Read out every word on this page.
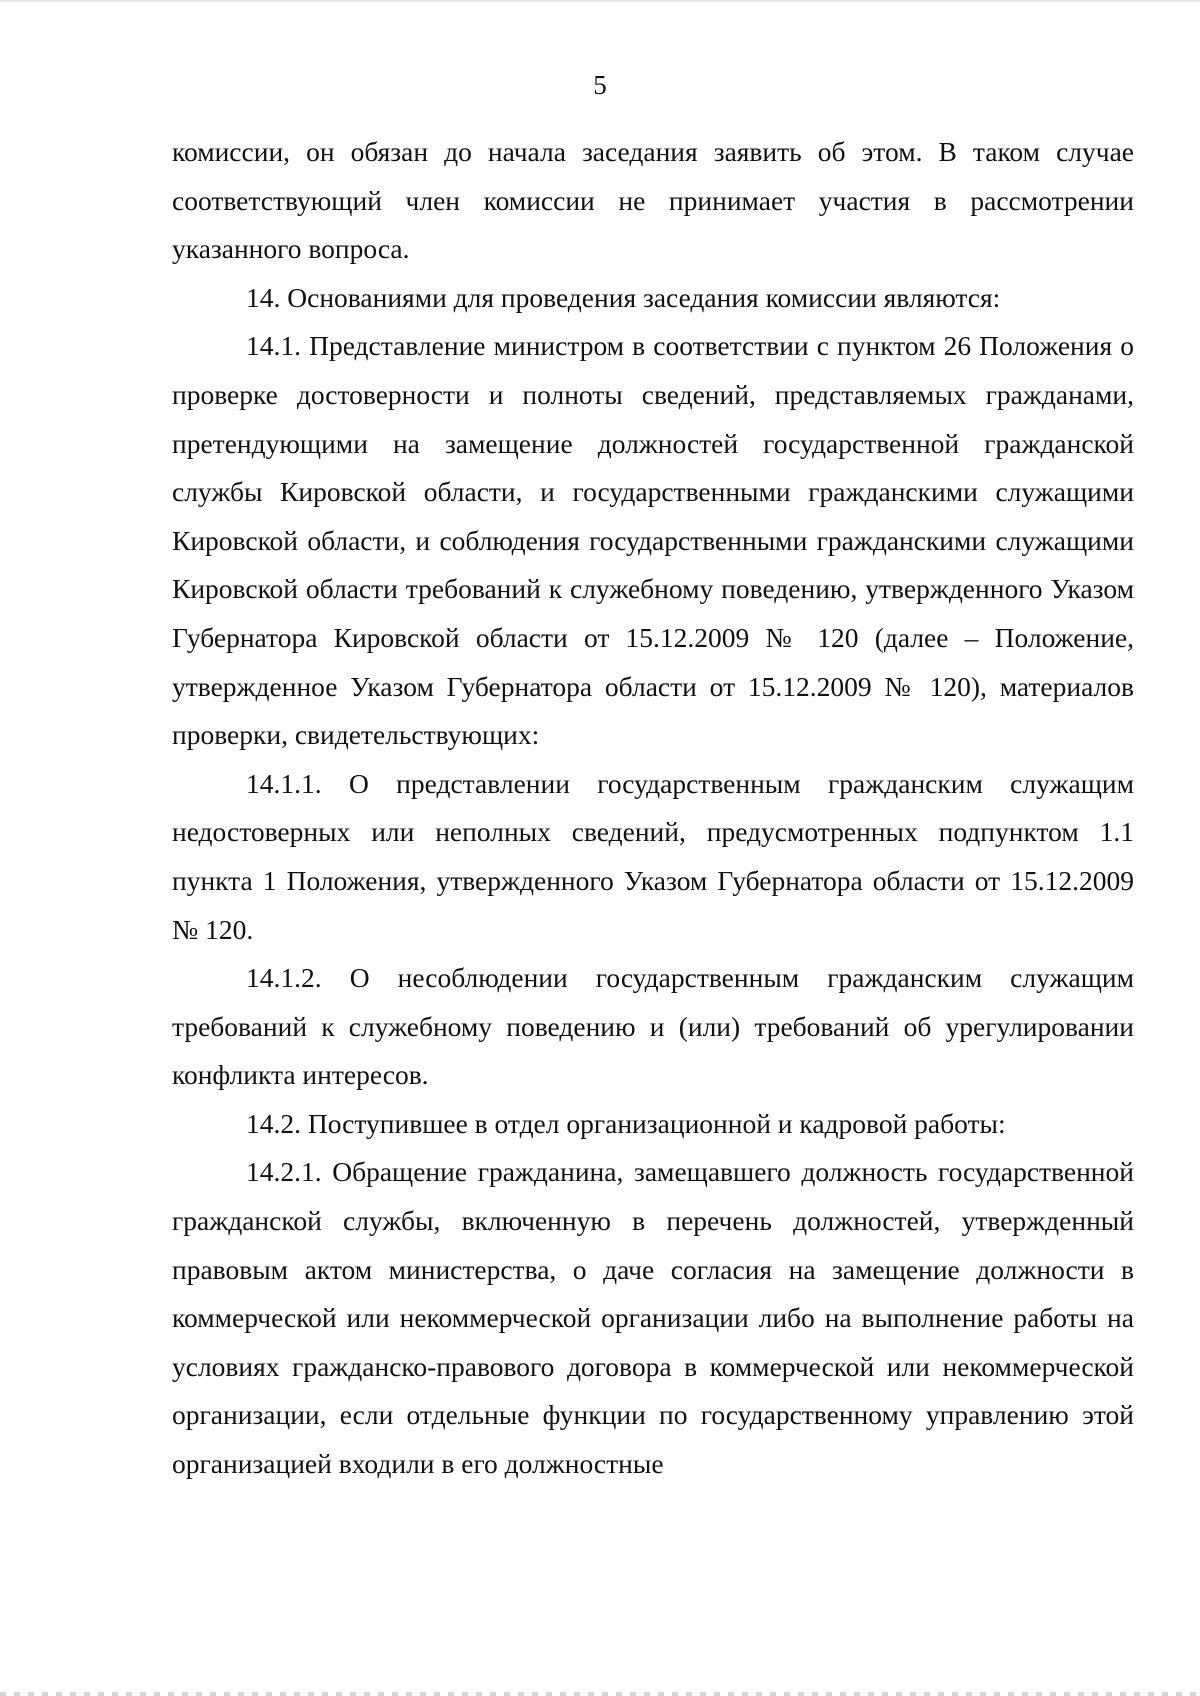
5

комиссии, он обязан до начала заседания заявить об этом. В таком случае соответствующий член комиссии не принимает участия в рассмотрении указанного вопроса.

14. Основаниями для проведения заседания комиссии являются:

14.1. Представление министром в соответствии с пунктом 26 Положения о проверке достоверности и полноты сведений, представляемых гражданами, претендующими на замещение должностей государственной гражданской службы Кировской области, и государственными гражданскими служащими Кировской области, и соблюдения государственными гражданскими служащими Кировской области требований к служебному поведению, утвержденного Указом Губернатора Кировской области от 15.12.2009 № 120 (далее – Положение, утвержденное Указом Губернатора области от 15.12.2009 № 120), материалов проверки, свидетельствующих:

14.1.1. О представлении государственным гражданским служащим недостоверных или неполных сведений, предусмотренных подпунктом 1.1 пункта 1 Положения, утвержденного Указом Губернатора области от 15.12.2009 № 120.

14.1.2. О несоблюдении государственным гражданским служащим требований к служебному поведению и (или) требований об урегулировании конфликта интересов.

14.2. Поступившее в отдел организационной и кадровой работы:

14.2.1. Обращение гражданина, замещавшего должность государственной гражданской службы, включенную в перечень должностей, утвержденный правовым актом министерства, о даче согласия на замещение должности в коммерческой или некоммерческой организации либо на выполнение работы на условиях гражданско-правового договора в коммерческой или некоммерческой организации, если отдельные функции по государственному управлению этой организацией входили в его должностные
